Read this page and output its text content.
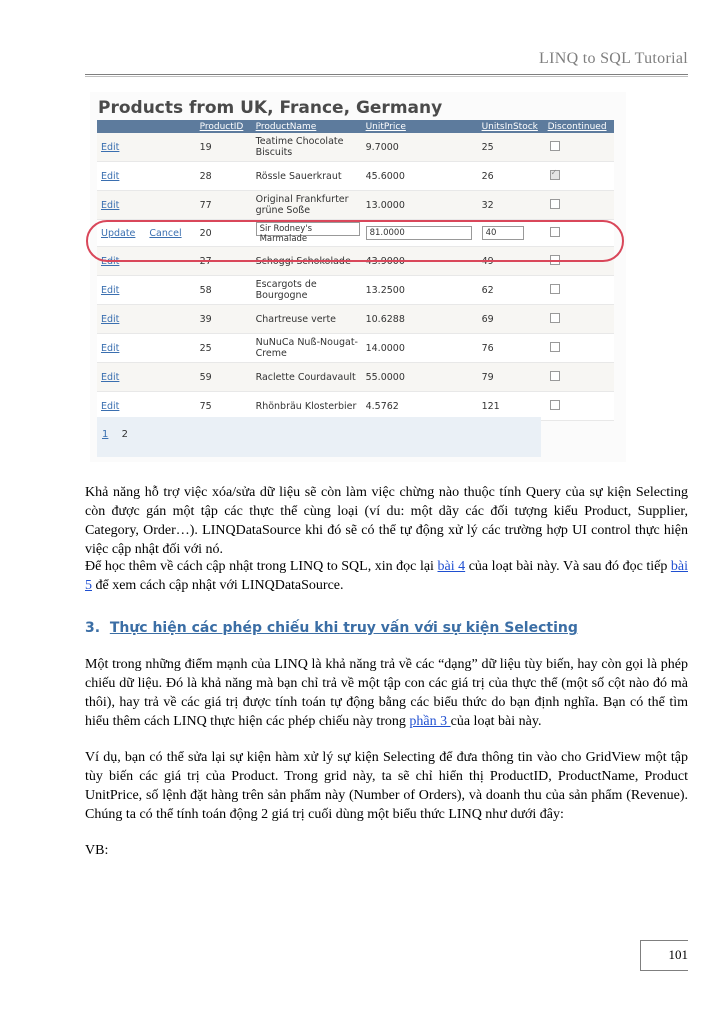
LINQ to SQL Tutorial
Products from UK, France, Germany
	ProductID	ProductName	UnitPrice	UnitsInStock	Discontinued
Edit	19	Teatime Chocolate Biscuits	9.7000	25	
Edit	28	Rössle Sauerkraut	45.6000	26	✓
Edit	77	Original Frankfurter grüne Soße	13.0000	32	
Update Cancel	20	Sir Rodney's Marmalade	81.0000	40	
Edit	27	Schoggi Schokolade	43.9000	49	
Edit	58	Escargots de Bourgogne	13.2500	62	
Edit	39	Chartreuse verte	10.6288	69	
Edit	25	NuNuCa Nuß-Nougat-Creme	14.0000	76	
Edit	59	Raclette Courdavault	55.0000	79	
Edit	75	Rhönbräu Klosterbier	4.5762	121	
1 2
Khả năng hỗ trợ việc xóa/sửa dữ liệu sẽ còn làm việc chừng nào thuộc tính Query của sự kiện Selecting còn được gán một tập các thực thể cùng loại (ví du: một dãy các đối tượng kiểu Product, Supplier, Category, Order…). LINQDataSource khi đó sẽ có thể tự động xử lý các trường hợp UI control thực hiện việc cập nhật đối với nó.
Để học thêm về cách cập nhật trong LINQ to SQL, xin đọc lại bài 4 của loạt bài này. Và sau đó đọc tiếp bài 5 để xem cách cập nhật với LINQDataSource.
3. Thực hiện các phép chiếu khi truy vấn với sự kiện Selecting
Một trong những điểm mạnh của LINQ là khả năng trả về các “dạng” dữ liệu tùy biến, hay còn gọi là phép chiếu dữ liệu. Đó là khả năng mà bạn chỉ trả về một tập con các giá trị của thực thể (một số cột nào đó mà thôi), hay trả về các giá trị được tính toán tự động bằng các biểu thức do bạn định nghĩa. Bạn có thể tìm hiểu thêm cách LINQ thực hiện các phép chiếu này trong phần 3 của loạt bài này.
Ví dụ, bạn có thể sửa lại sự kiện hàm xử lý sự kiện Selecting để đưa thông tin vào cho GridView một tập tùy biến các giá trị của Product. Trong grid này, ta sẽ chỉ hiển thị ProductID, ProductName, Product UnitPrice, số lệnh đặt hàng trên sản phẩm này (Number of Orders), và doanh thu của sản phẩm (Revenue). Chúng ta có thể tính toán động 2 giá trị cuối dùng một biểu thức LINQ như dưới đây:
VB:
101
